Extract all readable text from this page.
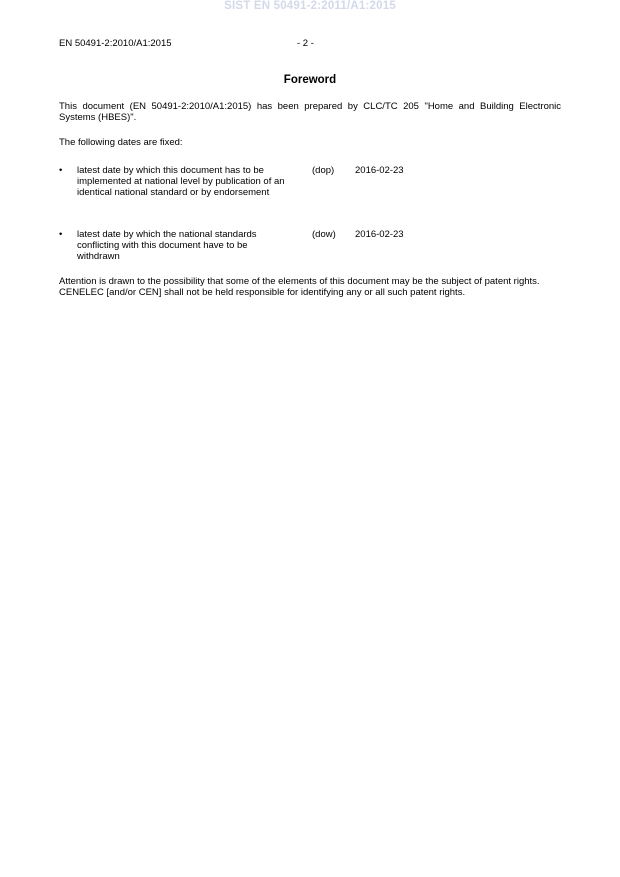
SIST EN 50491-2:2011/A1:2015
EN 50491-2:2010/A1:2015	- 2 -
Foreword
This document (EN 50491-2:2010/A1:2015) has been prepared by CLC/TC 205 "Home and Building Electronic Systems (HBES)".
The following dates are fixed:
• latest date by which this document has to be implemented at national level by publication of an identical national standard or by endorsement
(dop) 2016-02-23
• latest date by which the national standards conflicting with this document have to be withdrawn
(dow) 2016-02-23
Attention is drawn to the possibility that some of the elements of this document may be the subject of patent rights. CENELEC [and/or CEN] shall not be held responsible for identifying any or all such patent rights.
